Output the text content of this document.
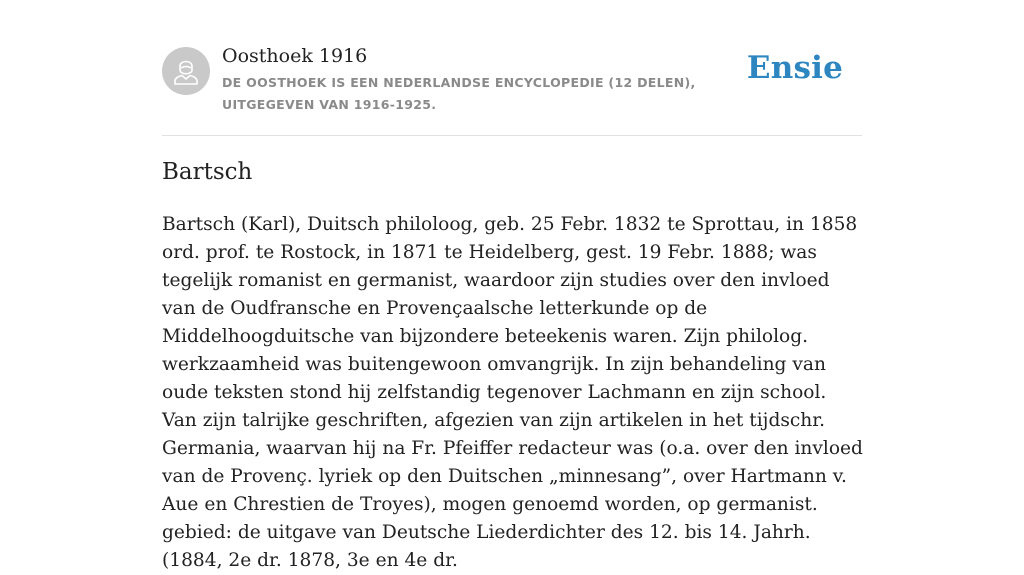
Oosthoek 1916
DE OOSTHOEK IS EEN NEDERLANDSE ENCYCLOPEDIE (12 DELEN), UITGEGEVEN VAN 1916-1925.
Ensie
Bartsch

Bartsch (Karl), Duitsch philoloog, geb. 25 Febr. 1832 te Sprottau, in 1858 ord. prof. te Rostock, in 1871 te Heidelberg, gest. 19 Febr. 1888; was tegelijk romanist en germanist, waardoor zijn studies over den invloed van de Oudfransche en Provençaalsche letterkunde op de Middelhoogduitsche van bijzondere beteekenis waren. Zijn philolog. werkzaamheid was buitengewoon omvangrijk. In zijn behandeling van oude teksten stond hij zelfstandig tegenover Lachmann en zijn school. Van zijn talrijke geschriften, afgezien van zijn artikelen in het tijdschr. Germania, waarvan hij na Fr. Pfeiffer redacteur was (o.a. over den invloed van de Provenç. lyriek op den Duitschen „minnesang”, over Hartmann v. Aue en Chrestien de Troyes), mogen genoemd worden, op germanist. gebied: de uitgave van Deutsche Liederdichter des 12. bis 14. Jahrh. (1884, 2e dr. 1878, 3e en 4e dr.
